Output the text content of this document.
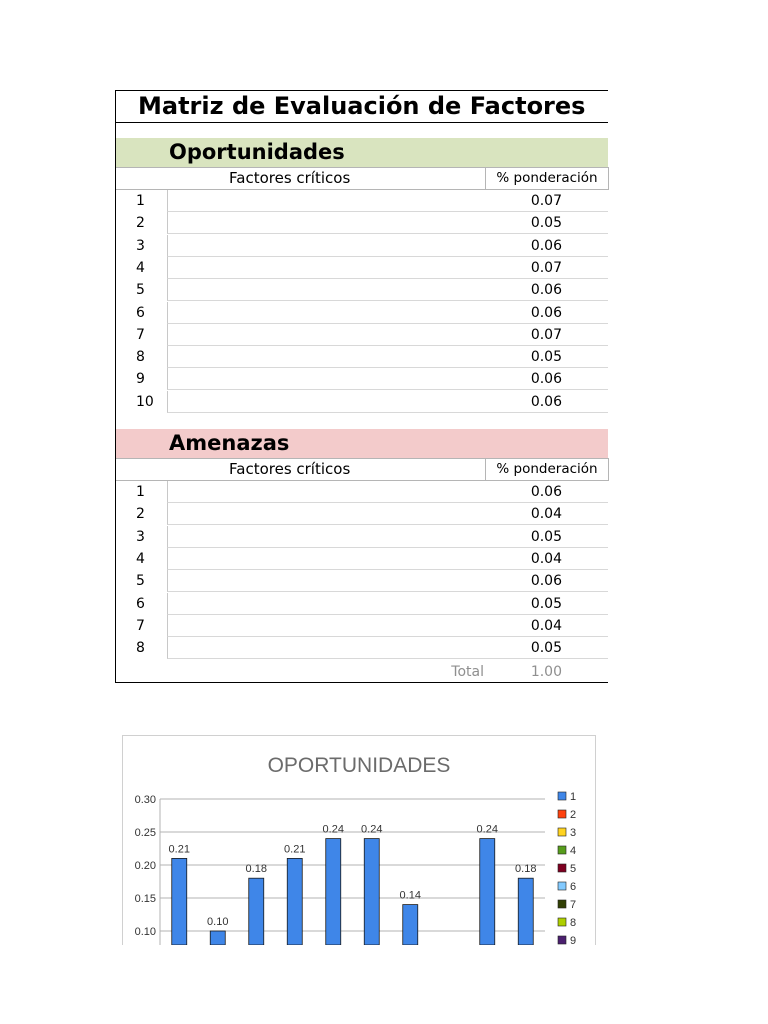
Matriz de Evaluación de Factores
Oportunidades
Factores críticos	% ponderación
1	0.07
2	0.05
3	0.06
4	0.07
5	0.06
6	0.06
7	0.07
8	0.05
9	0.06
10	0.06
Amenazas
Factores críticos	% ponderación
1	0.06
2	0.04
3	0.05
4	0.04
5	0.06
6	0.05
7	0.04
8	0.05
Total	1.00
OPORTUNIDADES
0.30
0.25
0.20
0.15
0.10
0.21
0.10
0.18
0.21
0.24 0.24
0.14
0.24
0.18
1
2
3
4
5
6
7
8
9
